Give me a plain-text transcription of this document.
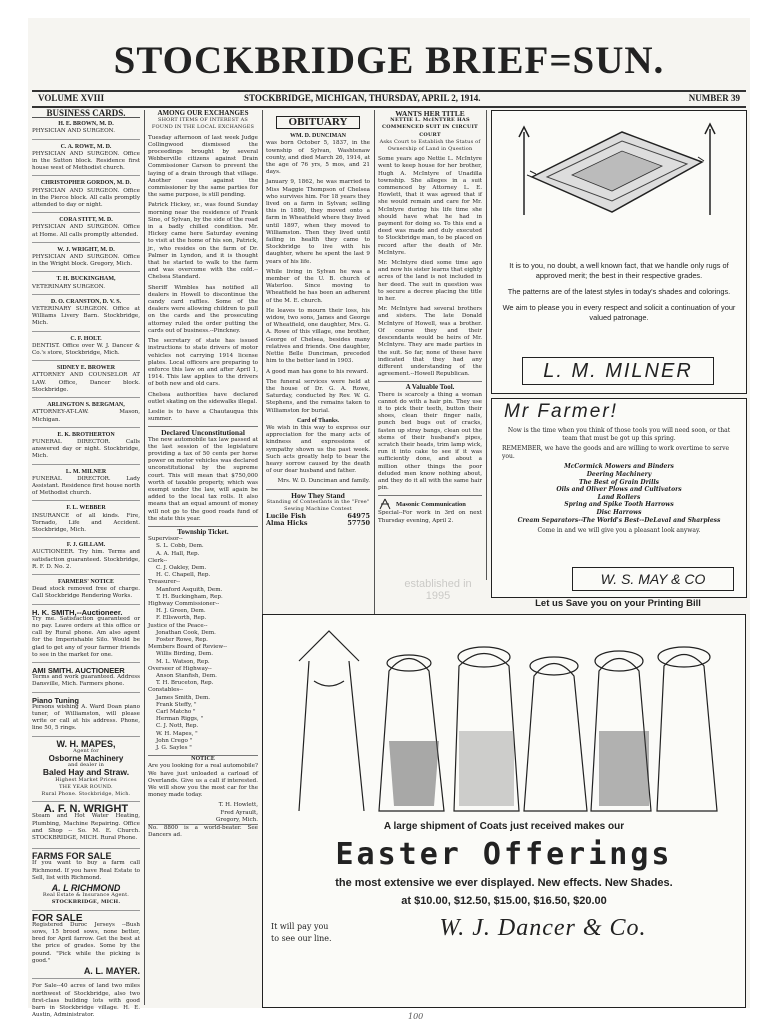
STOCKBRIDGE BRIEF=SUN.
VOLUME XVIII	STOCKBRIDGE, MICHIGAN, THURSDAY, APRIL 2, 1914.	NUMBER 39
BUSINESS CARDS.
H. E. BROWN, M. D.

PHYSICIAN AND SURGEON.

C. A. ROWE, M. D.

PHYSICIAN AND SURGEON. Office in the Sutton block. Residence first house west of Methodist church.

CHRISTOPHER GORDON, M. D.

PHYSICIAN AND SURGEON. Office in the Pierce block. All calls promptly attended to day or night.

CORA STITT, M. D.

PHYSICIAN AND SURGEON. Office at Home. All calls promptly attended.

W. J. WRIGHT, M. D.

PHYSICIAN AND SURGEON. Office in the Wright block. Gregory, Mich.

T. H. BUCKINGHAM,

VETERINARY SURGEON.

D. O. CRANSTON, D. V. S.

VETERINARY SURGEON. Office at Williams Livery Barn. Stockbridge, Mich.

C. F. HOLT.

DENTIST. Office over W. J. Dancer & Co.'s store, Stockbridge, Mich.

SIDNEY E. BROWER

ATTORNEY AND COUNSELOR AT LAW. Office, Dancer block. Stockbridge.

ARLINGTON S. BERGMAN,

ATTORNEY-AT-LAW. Mason, Michigan.

E. K. BROTHERTON

FUNERAL DIRECTOR. Calls answered day or night. Stockbridge, Mich.

L. M. MILNER

FUNERAL DIRECTOR. Lady Assistant. Residence first house north of Methodist church.

F. L. WEBBER

INSURANCE of all kinds. Fire, Tornado, Life and Accident. Stockbridge, Mich.

F. J. GILLAM.

AUCTIONEER. Try him. Terms and satisfaction guaranteed. Stockbridge, R. F. D. No. 2.

FARMERS' NOTICE

Dead stock removed free of charge. Call Stockbridge Rendering Works.

H. K. SMITH,--Auctioneer.

Try me. Satisfaction guaranteed or no pay. Leave orders at this office or call by Rural phone. Am also agent for the Imperishable Silo. Would be glad to get any of your farmer friends to see in the market for one.

AMI SMITH. AUCTIONEER

Terms and work guaranteed. Address Dansville, Mich. Farmers phone.

Piano Tuning

Persons wishing A. Ward Doan piano tuner, of Williamston, will please write or call at his address. Phone, line 50, 5 rings.

W. H. MAPES,
Agent for
Osborne Machinery
and dealer in
Baled Hay and Straw.
Highest Market Prices
THE YEAR ROUND.
Rural Phone. Stockbridge, Mich.
A. F. N. WRIGHT

Steam and Hot Water Heating, Plumbing, Machine Repairing. Office and Shop -- So. M. E. Church. STOCKBRIDGE, MICH. Rural Phone.

FARMS FOR SALE

If you want to buy a farm call Richmond. If you have Real Estate to Sell, list with Richmond.

A. L RICHMOND
Real Estate & Insurance Agent.
STOCKBRIDGE, MICH.
FOR SALE

Registered Duroc Jerseys --Bush sows, 15 brood sows, none better, bred for April farrow. Get the best at the price of grades. Some by the pound. "Pick while the picking is good."

A. L. MAYER.

For Sale--40 acres of land two miles northwest of Stockbridge, also two first-class building lots with good barn in Stockbridge village. H. E. Austin, Administrator.

AMONG OUR EXCHANGES
SHORT ITEMS OF INTEREST AS FOUND IN THE LOCAL EXCHANGES

Tuesday afternoon of last week Judge Collingwood dismissed the proceedings brought by several Webberville citizens against Drain Commissioner Carson to prevent the laying of a drain through that village. Another case against the commissioner by the same parties for the same purpose, is still pending.

Patrick Hickey, sr., was found Sunday morning near the residence of Frank Sine, of Sylvan, by the side of the road in a badly chilled condition. Mr. Hickey came here Saturday evening to visit at the home of his son, Patrick, jr., who resides on the farm of Dr. Palmer in Lyndon, and it is thought that he started to walk to the farm and was overcome with the cold.--Chelsea Standard.

Sheriff Wimbles has notified all dealers in Howell to discontinue the candy card raffles. Some of the dealers were allowing children to pull on the cards and the prosecuting attorney ruled the order putting the cards out of business.--Pinckney.

The secretary of state has issued instructions to state drivers of motor vehicles not carrying 1914 license plates. Local officers are preparing to enforce this law on and after April 1, 1914. This law applies to the drivers of both new and old cars.

Chelsea authorities have declared outlet skating on the sidewalks illegal.

Leslie is to have a Chautauqua this summer.

Declared Unconstitutional

The new automobile tax law passed at the last session of the legislature providing a tax of 50 cents per horse power on motor vehicles was declared unconstitutional by the supreme court. This will mean that $750,000 worth of taxable property, which was exempt under the law, will again be added to the local tax rolls. It also means that an equal amount of money will not go to the good roads fund of the state this year.

Township Ticket.
Supervisor--
S. L. Cobb, Dem.
A. A. Hall, Rep.
Clerk--
C. J. Oakley, Dem.
H. C. Chapell, Rep.
Treasurer--
Manford Asquith, Dem.
T. H. Buckingham, Rep.
Highway Commissioner--
H. J. Green, Dem.
F. Ellsworth, Rep.
Justice of the Peace--
Jonathan Cook, Dem.
Foster Rowe, Rep.
Members Board of Review--
Willis Birding, Dem.
M. L. Watson, Rep.
Overseer of Highway--
Anson Stanfish, Dem.
T. H. Bruceton, Rep.
Constables--
James Smith, Dem.
Frank Steffy, "
Carl Matcho "
Herman Riggs, "
C. J. Nott, Rep.
W. H. Mapes, "
John Crego "
J. G. Sayles "
NOTICE

Are you looking for a real automobile? We have just unloaded a carload of Overlands. Give us a call if interested. We will show you the most car for the money made today.

T. H. Howlett,
Fred Ayrault,
Gregory, Mich.

No. 8800 is a world-beater. See Dancers ad.

OBITUARY
WM. D. DUNCIMAN

was born October 5, 1837, in the township of Sylvan, Washtenaw county, and died March 26, 1914, at the age of 76 yrs, 5 mos, and 21 days.

January 9, 1862, he was married to Miss Maggie Thompson of Chelsea who survives him. For 18 years they lived on a farm in Sylvan; selling this in 1880, they moved onto a farm in Wheatfield where they lived until 1897, when they moved to Williamston. Then they lived until failing in health they came to Stockbridge to live with his daughter, where he spent the last 9 years of his life.

While living in Sylvan he was a member of the U. B. church of Waterloo. Since moving to Wheatfield he has been an adherent of the M. E. church.

He leaves to mourn their loss, his widow, two sons, James and George of Wheatfield, one daughter, Mrs. G. A. Rowe of this village, one brother, George of Chelsea, besides many relatives and friends. One daughter, Nettie Belle Dunciman, preceded him to the better land in 1903.

A good man has gone to his reward.

The funeral services were held at the house of Dr. G. A. Rowe, Saturday, conducted by Rev. W. G. Stephens, and the remains taken to Williamston for burial.

Card of Thanks.

We wish in this way to express our appreciation for the many acts of kindness and expressions of sympathy shown us the past week. Such acts greatly help to bear the heavy sorrow caused by the death of our dear husband and father.

Mrs. W. D. Dunciman and family.
How They Stand
Standing of Contestants in the "Free" Sewing Machine Contest
Lucile Fish	64975
Alma Hicks	57750
WANTS HER TITLE
NETTIE L. McINTYRE HAS COMMENCED SUIT IN CIRCUIT COURT
Asks Court to Establish the Status of Ownership of Land in Question

Some years ago Nettie L. McIntyre went to keep house for her brother, Hugh A. McIntyre of Unadilla township. She alleges in a suit commenced by Attorney L. E. Howlett, that it was agreed that if she would remain and care for Mr. McIntyre during his life time she should have what he had in payment for doing so. To this end a deed was made and duly executed to Stockbridge man, to be placed on record after the death of Mr. McIntyre.

Mr. McIntyre died some time ago and now his sister learns that eighty acres of the land is not included in her deed. The suit in question was to secure a decree placing the title in her.

Mr. McIntyre had several brothers and sisters. The late Donald McIntyre of Howell, was a brother. Of course they and their descendants would be heirs of Mr. McIntyre. They are made parties in the suit. So far, none of these have indicated that they had any different understanding of the agreement.--Howell Republican.

A Valuable Tool.

There is scarcely a thing a woman cannot do with a hair pin. They use it to pick their teeth, button their shoes, clean their finger nails, punch bed bugs out of cracks, fasten up stray bangs, clean out the stems of their husband's pipes, scratch their heads, trim lamp wick, run it into cake to see if it was sufficiently done, and about a million other things the poor deluded men know nothing about, and they do it all with the same hair pin.

Masonic Communication

Special--For work in 3rd on next Thursday evening, April 2.

It is to you, no doubt, a well known fact, that we handle only rugs of approved merit; the best in their respective grades.

The patterns are of the latest styles in today's shades and colorings.

We aim to please you in every respect and solicit a continuation of your valued patronage.

L. M. MILNER
Mr Farmer!

Now is the time when you think of those tools you will need soon, or that team that must be got up this spring.

REMEMBER, we have the goods and are willing to work overtime to serve you.

McCormick Mowers and Binders
Deering Machinery
The Best of Grain Drills
Oils and Oliver Plows and Cultivators
Land Rollers
Spring and Spike Tooth Harrows
Disc Harrows
Cream Separators--The World's Best--DeLaval and Sharpless

Come in and we will give you a pleasant look anyway.

W. S. MAY & CO
Let us Save you on your Printing Bill
A large shipment of Coats just received makes our
Easter Offerings
the most extensive we ever displayed. New effects. New Shades.
at $10.00, $12.50, $15.00, $16.50, $20.00
It will pay you
to see our line.	W. J. Dancer & Co.
established in
1995
100
